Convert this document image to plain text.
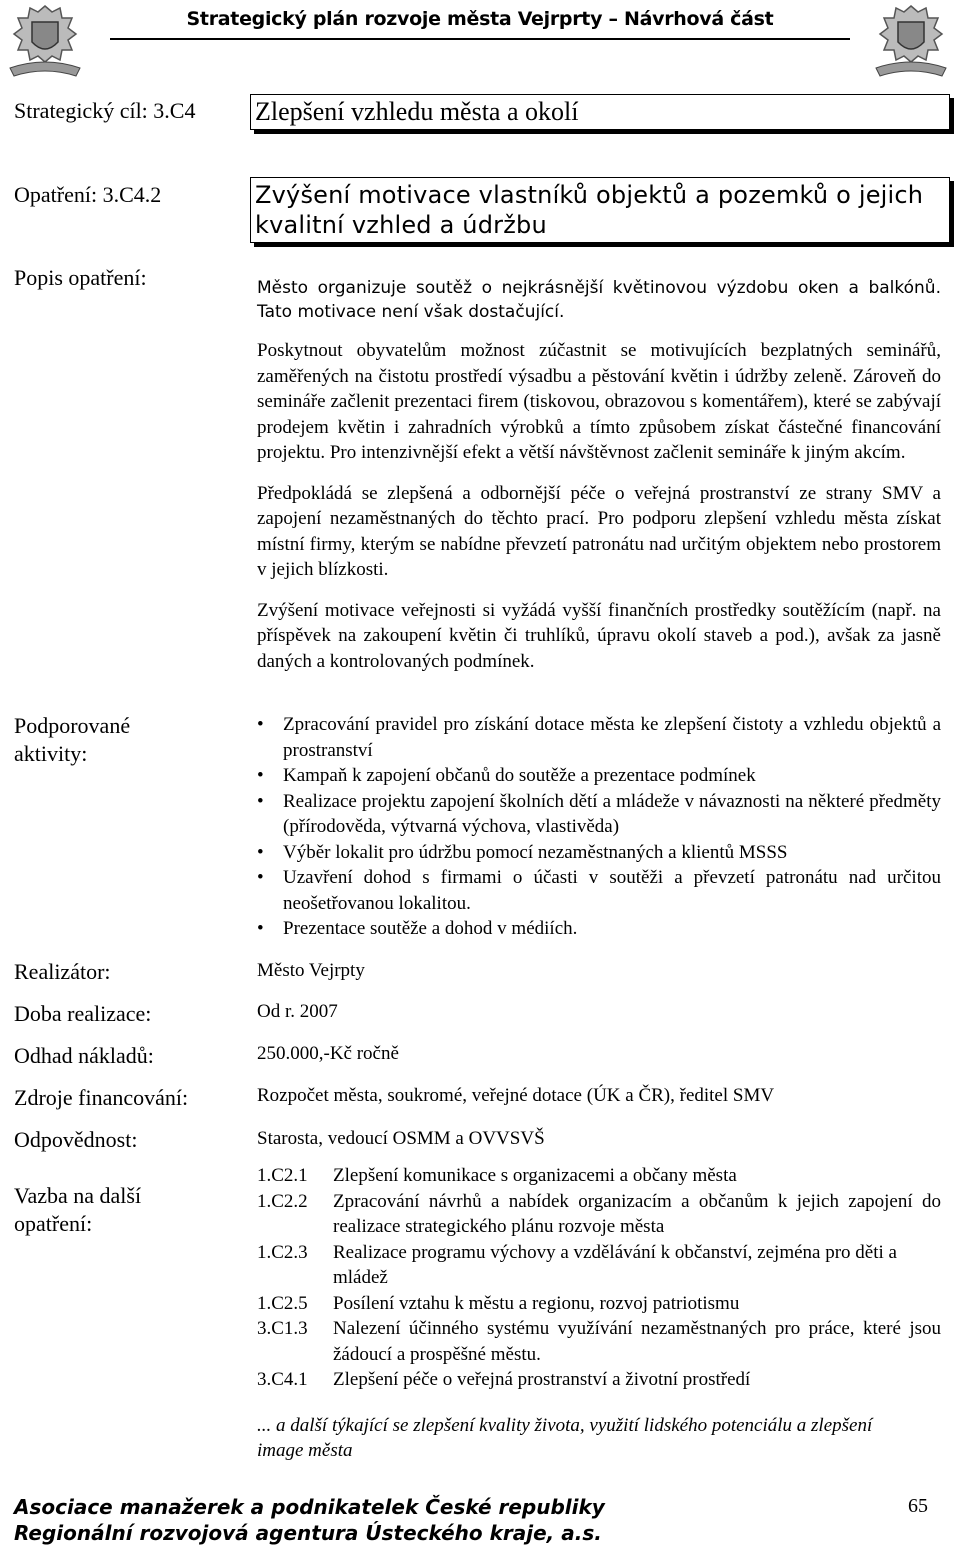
Strategický plán rozvoje města Vejrprty – Návrhová část
Strategický cíl: 3.C4 Zlepšení vzhledu města a okolí
Opatření: 3.C4.2	Zvýšení motivace vlastníků objektů a pozemků o jejich kvalitní vzhled a údržbu
Popis opatření:	Město organizuje soutěž o nejkrásnější květinovou výzdobu oken a balkónů. Tato motivace není však dostačující.

Poskytnout obyvatelům možnost zúčastnit se motivujících bezplatných seminářů, zaměřených na čistotu prostředí výsadbu a pěstování květin i údržby zeleně. Zároveň do semináře začlenit prezentaci firem (tiskovou, obrazovou s komentářem), které se zabývají prodejem květin i zahradních výrobků a tímto způsobem získat částečné financování projektu. Pro intenzivnější efekt a větší návštěvnost začlenit semináře k jiným akcím.

Předpokládá se zlepšená a odbornější péče o veřejná prostranství ze strany SMV a zapojení nezaměstnaných do těchto prací. Pro podporu zlepšení vzhledu města získat místní firmy, kterým se nabídne převzetí patronátu nad určitým objektem nebo prostorem v jejich blízkosti.

Zvýšení motivace veřejnosti si vyžádá vyšší finančních prostředky soutěžícím (např. na příspěvek na zakoupení květin či truhlíků, úpravu okolí staveb a pod.), avšak za jasně daných a kontrolovaných podmínek.

Podporované
aktivity:
• Zpracování pravidel pro získání dotace města ke zlepšení čistoty a vzhledu objektů a prostranství
• Kampaň k zapojení občanů do soutěže a prezentace podmínek
• Realizace projektu zapojení školních dětí a mládeže v návaznosti na některé předměty (přírodověda, výtvarná výchova, vlastivěda)
• Výběr lokalit pro údržbu pomocí nezaměstnaných a klientů MSSS
• Uzavření dohod s firmami o účasti v soutěži a převzetí patronátu nad určitou neošetřovanou lokalitou.
• Prezentace soutěže a dohod v médiích.
Realizátor:	Město Vejrpty
Doba realizace:	Od r. 2007
Odhad nákladů:	250.000,-Kč ročně
Zdroje financování:	Rozpočet města, soukromé, veřejné dotace (ÚK a ČR), ředitel SMV
Odpovědnost:	Starosta, vedoucí OSMM a OVVSVŠ
Vazba na další
opatření:
1.C2.1 Zlepšení komunikace s organizacemi a občany města
1.C2.2 Zpracování návrhů a nabídek organizacím a občanům k jejich zapojení do realizace strategického plánu rozvoje města
1.C2.3 Realizace programu výchovy a vzdělávání k občanství, zejména pro děti a mládež
1.C2.5 Posílení vztahu k městu a regionu, rozvoj patriotismu
3.C1.3 Nalezení účinného systému využívání nezaměstnaných pro práce, které jsou žádoucí a prospěšné městu.
3.C4.1 Zlepšení péče o veřejná prostranství a životní prostředí
... a další týkající se zlepšení kvality života, využití lidského potenciálu a zlepšení image města
Asociace manažerek a podnikatelek České republiky
Regionální rozvojová agentura Ústeckého kraje, a.s.
65
